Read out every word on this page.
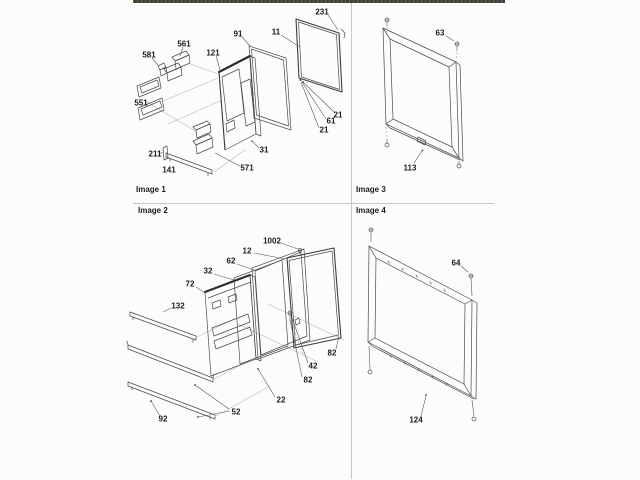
Image 1
581
561
121
91	11
231
551
21
61
21
31
211
571
141
Image 3
63
113
Image 2
1002
12
62
32
72
132
82
42
82
22
52
92
Image 4
64
124
